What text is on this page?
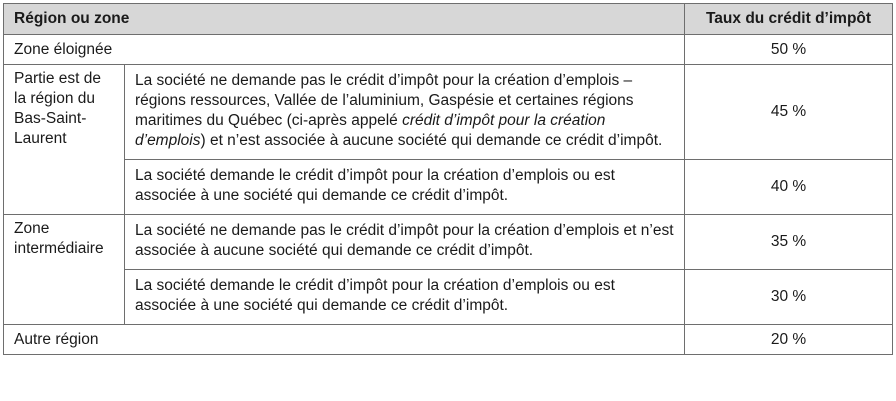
Région ou zone		Taux du crédit d’impôt
Zone éloignée		50 %
Partie est de la région du Bas-Saint-Laurent	La société ne demande pas le crédit d’impôt pour la création d’emplois – régions ressources, Vallée de l’aluminium, Gaspésie et certaines régions maritimes du Québec (ci-après appelé crédit d’impôt pour la création d’emplois) et n’est associée à aucune société qui demande ce crédit d’impôt.	45 %
	La société demande le crédit d’impôt pour la création d’emplois ou est associée à une société qui demande ce crédit d’impôt.	40 %
Zone intermédiaire	La société ne demande pas le crédit d’impôt pour la création d’emplois et n’est associée à aucune société qui demande ce crédit d’impôt.	35 %
	La société demande le crédit d’impôt pour la création d’emplois ou est associée à une société qui demande ce crédit d’impôt.	30 %
Autre région		20 %
